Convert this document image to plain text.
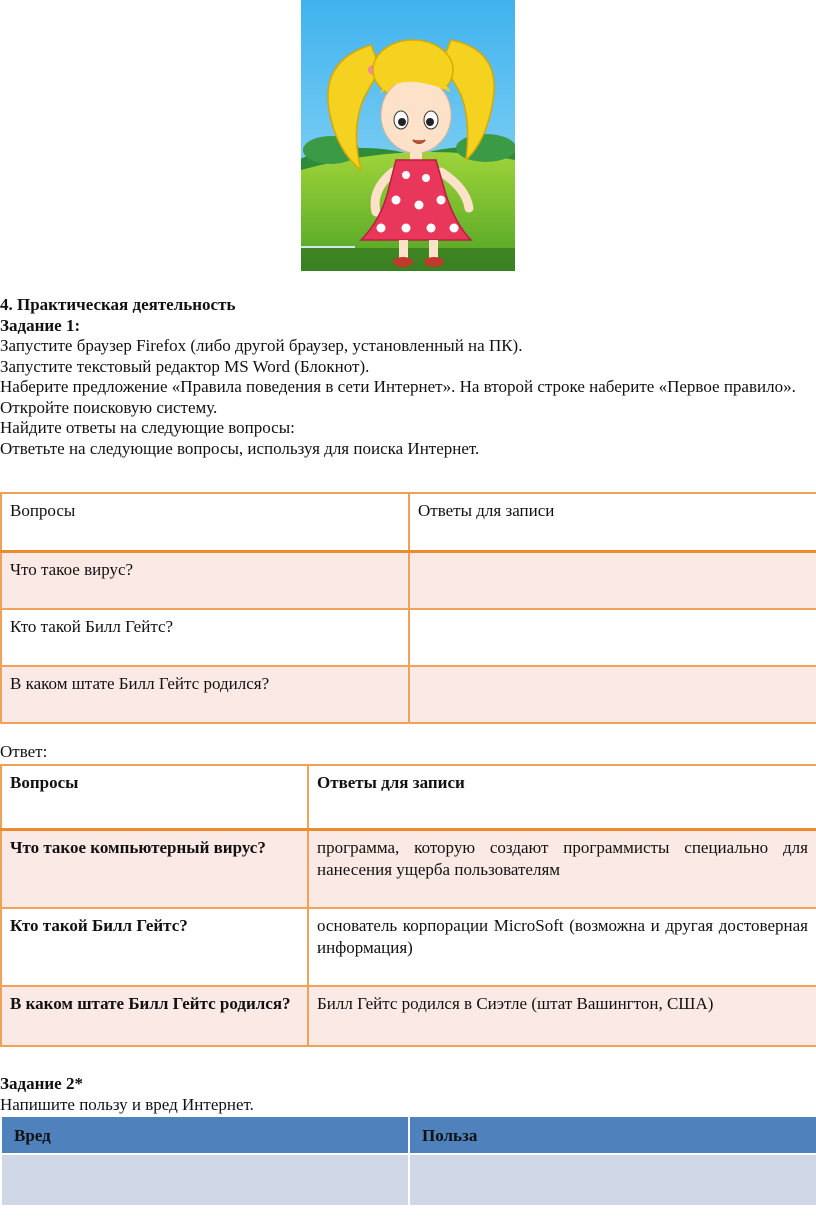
4. Практическая деятельность

Задание 1:

Запустите браузер Firefox (либо другой браузер, установленный на ПК).

Запустите текстовый редактор MS Word (Блокнот).

Наберите предложение «Правила поведения в сети Интернет». На второй строке наберите «Первое правило».

Откройте поисковую систему.

Найдите ответы на следующие вопросы:

Ответьте на следующие вопросы, используя для поиска Интернет.

Вопросы	Ответы для записи
Что такое вирус?	
Кто такой Билл Гейтс?	
В каком штате Билл Гейтс родился?	

Ответ:

Вопросы	Ответы для записи
Что такое компьютерный вирус?	программа, которую создают программисты специально для нанесения ущерба пользователям
Кто такой Билл Гейтс?	основатель корпорации MicroSoft (возможна и другая достоверная информация)
В каком штате Билл Гейтс родился?	Билл Гейтс родился в Сиэтле (штат Вашингтон, США)

Задание 2*

Напишите пользу и вред Интернет.

Вред	Польза
